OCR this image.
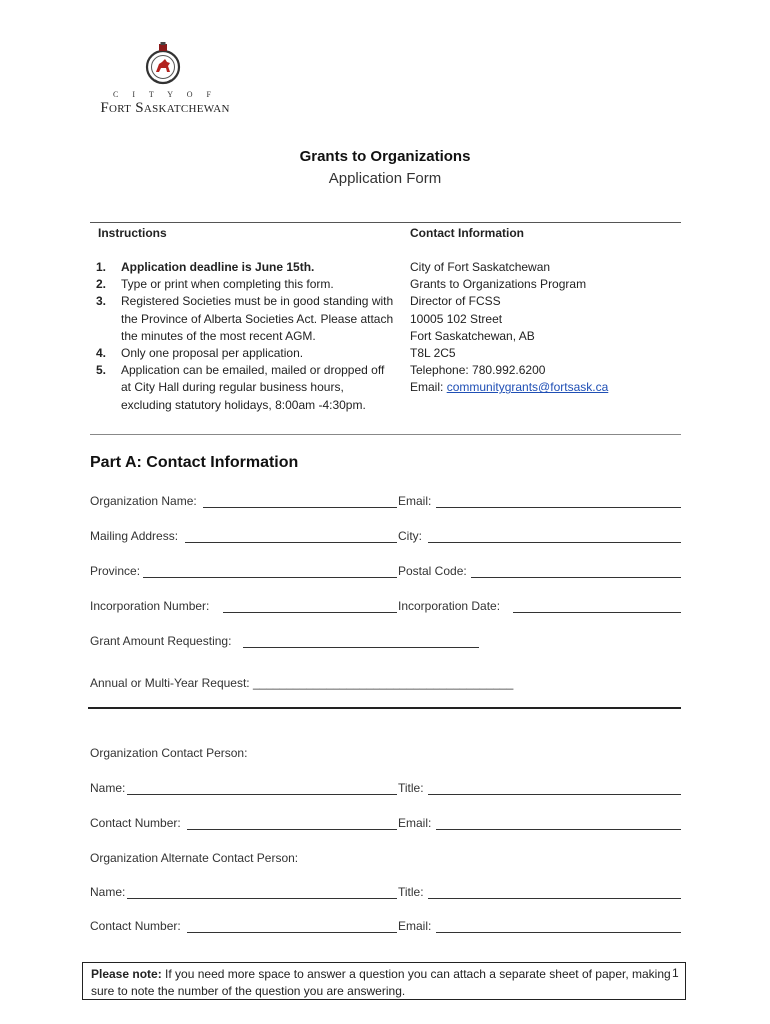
C I T Y O F
Fort Saskatchewan
Grants to Organizations
Application Form
Instructions	Contact Information
1. Application deadline is June 15th.
2. Type or print when completing this form.
3. Registered Societies must be in good standing with the Province of Alberta Societies Act. Please attach the minutes of the most recent AGM.
4. Only one proposal per application.
5. Application can be emailed, mailed or dropped off at City Hall during regular business hours, excluding statutory holidays, 8:00am -4:30pm.
City of Fort Saskatchewan
Grants to Organizations Program
Director of FCSS
10005 102 Street
Fort Saskatchewan, AB
T8L 2C5
Telephone: 780.992.6200
Email: communitygrants@fortsask.ca
Part A: Contact Information
Organization Name:	Email:
Mailing Address:	City:
Province:	Postal Code:
Incorporation Number:	Incorporation Date:
Grant Amount Requesting:
Annual or Multi-Year Request: _______________________________________
Organization Contact Person:
Name:	Title:
Contact Number:	Email:
Organization Alternate Contact Person:
Name:	Title:
Contact Number:	Email:
Please note: If you need more space to answer a question you can attach a separate sheet of paper, making sure to note the number of the question you are answering.
1
